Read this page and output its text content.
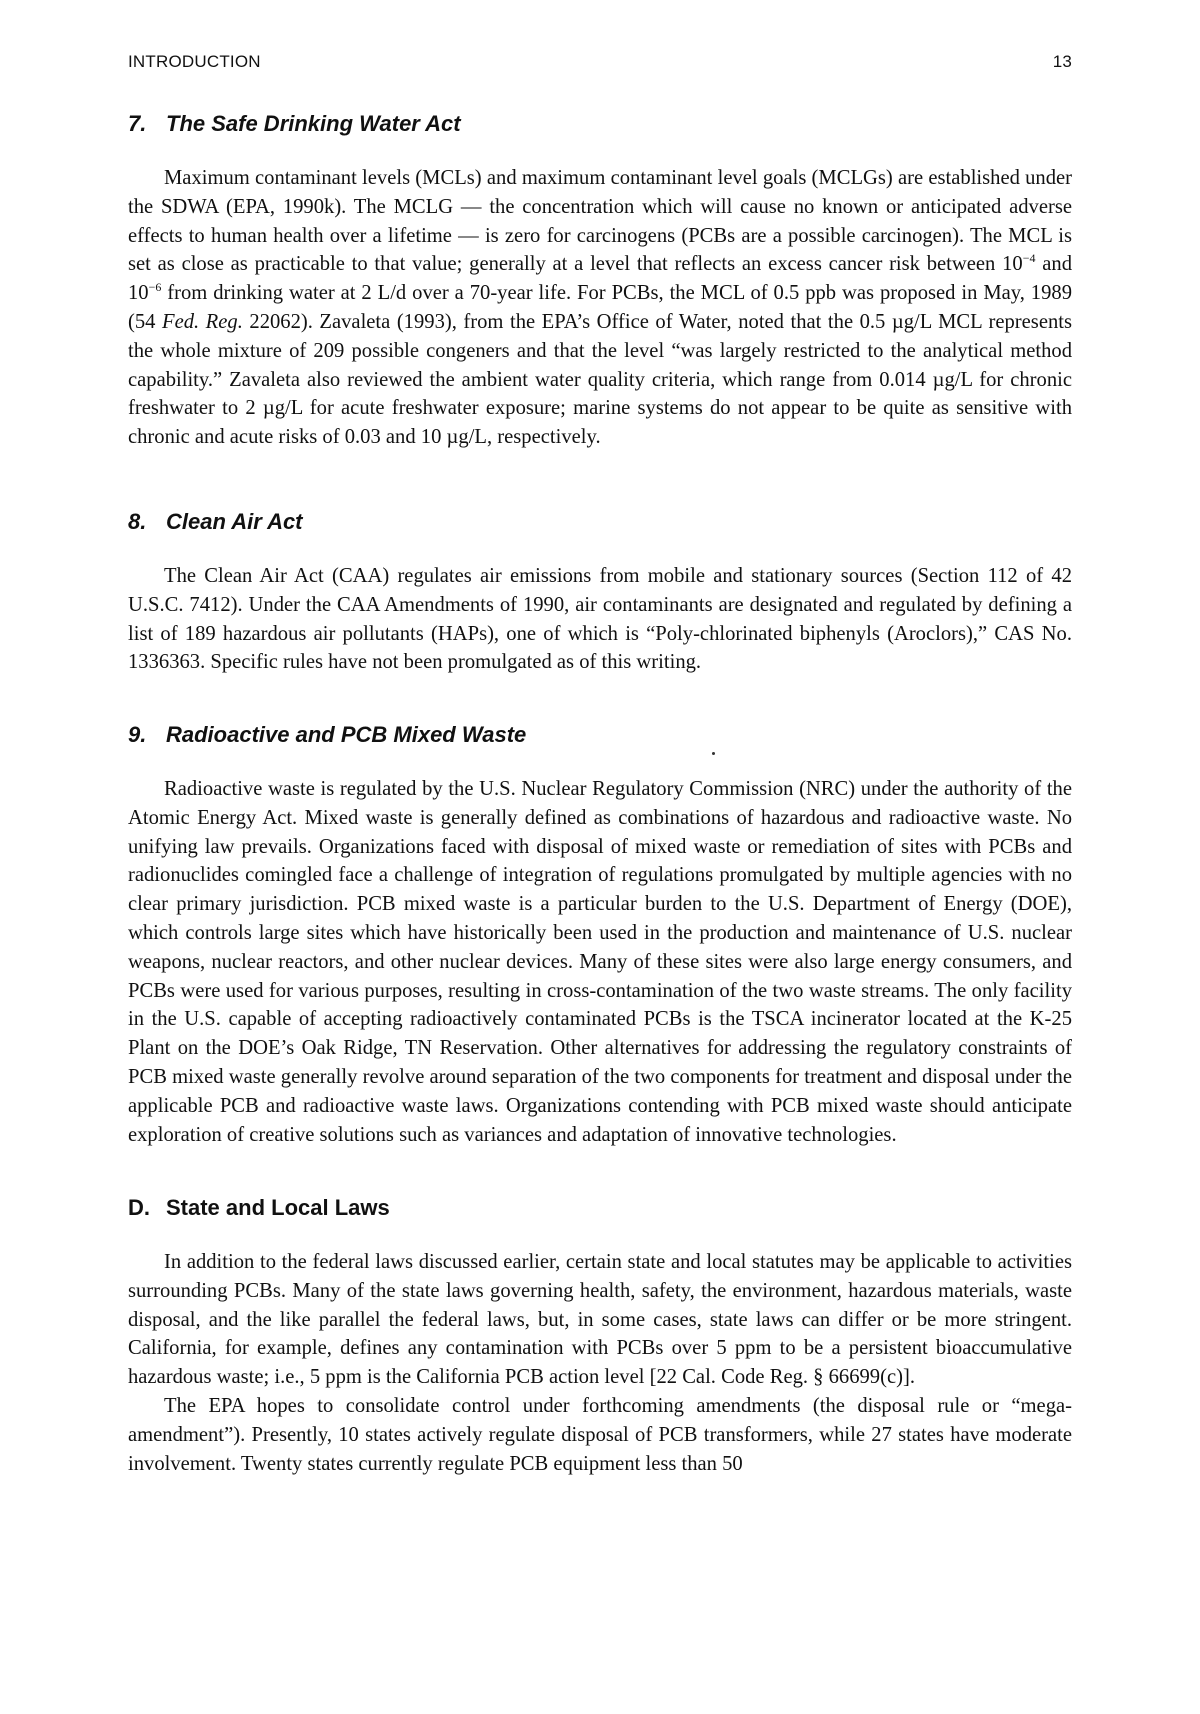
INTRODUCTION	13
7. The Safe Drinking Water Act

Maximum contaminant levels (MCLs) and maximum contaminant level goals (MCLGs) are established under the SDWA (EPA, 1990k). The MCLG — the concentration which will cause no known or anticipated adverse effects to human health over a lifetime — is zero for carcinogens (PCBs are a possible carcinogen). The MCL is set as close as practicable to that value; generally at a level that reflects an excess cancer risk between $10^{-4}$ and $10^{-6}$ from drinking water at 2 L/d over a 70-year life. For PCBs, the MCL of 0.5 ppb was proposed in May, 1989 (54 Fed. Reg. 22062). Zavaleta (1993), from the EPA’s Office of Water, noted that the 0.5 µg/L MCL represents the whole mixture of 209 possible congeners and that the level “was largely restricted to the analytical method capability.” Zavaleta also reviewed the ambient water quality criteria, which range from 0.014 µg/L for chronic freshwater to 2 µg/L for acute freshwater exposure; marine systems do not appear to be quite as sensitive with chronic and acute risks of 0.03 and 10 µg/L, respectively.

8. Clean Air Act

The Clean Air Act (CAA) regulates air emissions from mobile and stationary sources (Section 112 of 42 U.S.C. 7412). Under the CAA Amendments of 1990, air contaminants are designated and regulated by defining a list of 189 hazardous air pollutants (HAPs), one of which is “Poly-chlorinated biphenyls (Aroclors),” CAS No. 1336363. Specific rules have not been promulgated as of this writing.

9. Radioactive and PCB Mixed Waste

Radioactive waste is regulated by the U.S. Nuclear Regulatory Commission (NRC) under the authority of the Atomic Energy Act. Mixed waste is generally defined as combinations of hazardous and radioactive waste. No unifying law prevails. Organizations faced with disposal of mixed waste or remediation of sites with PCBs and radionuclides comingled face a challenge of integration of regulations promulgated by multiple agencies with no clear primary jurisdiction. PCB mixed waste is a particular burden to the U.S. Department of Energy (DOE), which controls large sites which have historically been used in the production and maintenance of U.S. nuclear weapons, nuclear reactors, and other nuclear devices. Many of these sites were also large energy consumers, and PCBs were used for various purposes, resulting in cross-contamination of the two waste streams. The only facility in the U.S. capable of accepting radioactively contaminated PCBs is the TSCA incinerator located at the K-25 Plant on the DOE’s Oak Ridge, TN Reservation. Other alternatives for addressing the regulatory constraints of PCB mixed waste generally revolve around separation of the two components for treatment and disposal under the applicable PCB and radioactive waste laws. Organizations contending with PCB mixed waste should anticipate exploration of creative solutions such as variances and adaptation of innovative technologies.

D. State and Local Laws

In addition to the federal laws discussed earlier, certain state and local statutes may be applicable to activities surrounding PCBs. Many of the state laws governing health, safety, the environment, hazardous materials, waste disposal, and the like parallel the federal laws, but, in some cases, state laws can differ or be more stringent. California, for example, defines any contamination with PCBs over 5 ppm to be a persistent bioaccumulative hazardous waste; i.e., 5 ppm is the California PCB action level [22 Cal. Code Reg. § 66699(c)].

The EPA hopes to consolidate control under forthcoming amendments (the disposal rule or “mega-amendment”). Presently, 10 states actively regulate disposal of PCB transformers, while 27 states have moderate involvement. Twenty states currently regulate PCB equipment less than 50
